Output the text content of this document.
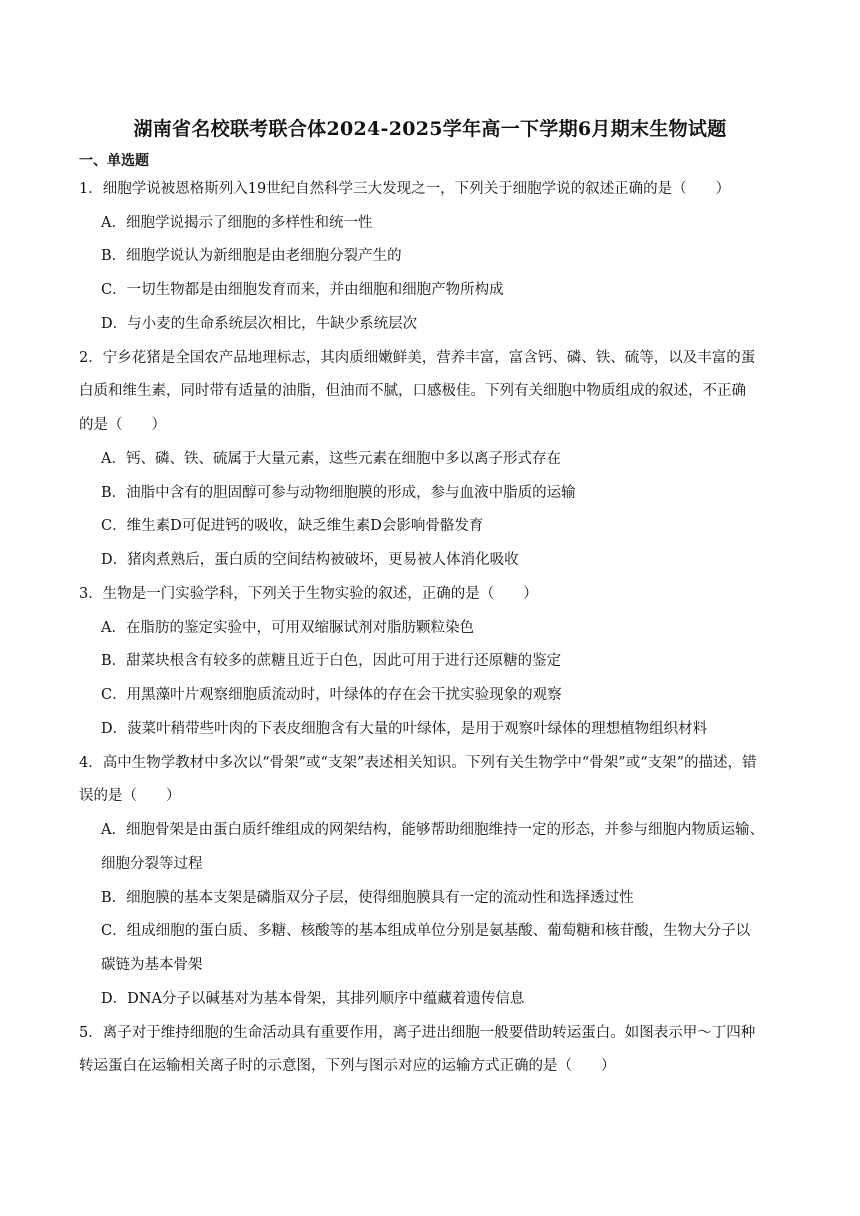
湖南省名校联考联合体2024-2025学年高一下学期6月期末生物试题
一、单选题
1．细胞学说被恩格斯列入19世纪自然科学三大发现之一，下列关于细胞学说的叙述正确的是（　　）
A．细胞学说揭示了细胞的多样性和统一性
B．细胞学说认为新细胞是由老细胞分裂产生的
C．一切生物都是由细胞发育而来，并由细胞和细胞产物所构成
D．与小麦的生命系统层次相比，牛缺少系统层次
2．宁乡花猪是全国农产品地理标志，其肉质细嫩鲜美，营养丰富，富含钙、磷、铁、硫等，以及丰富的蛋
白质和维生素，同时带有适量的油脂，但油而不腻，口感极佳。下列有关细胞中物质组成的叙述，不正确
的是（　　）
A．钙、磷、铁、硫属于大量元素，这些元素在细胞中多以离子形式存在
B．油脂中含有的胆固醇可参与动物细胞膜的形成，参与血液中脂质的运输
C．维生素D可促进钙的吸收，缺乏维生素D会影响骨骼发育
D．猪肉煮熟后，蛋白质的空间结构被破坏，更易被人体消化吸收
3．生物是一门实验学科，下列关于生物实验的叙述，正确的是（　　）
A．在脂肪的鉴定实验中，可用双缩脲试剂对脂肪颗粒染色
B．甜菜块根含有较多的蔗糖且近于白色，因此可用于进行还原糖的鉴定
C．用黑藻叶片观察细胞质流动时，叶绿体的存在会干扰实验现象的观察
D．菠菜叶稍带些叶肉的下表皮细胞含有大量的叶绿体，是用于观察叶绿体的理想植物组织材料
4．高中生物学教材中多次以“骨架”或“支架”表述相关知识。下列有关生物学中“骨架”或“支架”的描述，错
误的是（　　）
A．细胞骨架是由蛋白质纤维组成的网架结构，能够帮助细胞维持一定的形态，并参与细胞内物质运输、
细胞分裂等过程
B．细胞膜的基本支架是磷脂双分子层，使得细胞膜具有一定的流动性和选择透过性
C．组成细胞的蛋白质、多糖、核酸等的基本组成单位分别是氨基酸、葡萄糖和核苷酸，生物大分子以
碳链为基本骨架
D．DNA分子以碱基对为基本骨架，其排列顺序中蕴藏着遗传信息
5．离子对于维持细胞的生命活动具有重要作用，离子进出细胞一般要借助转运蛋白。如图表示甲～丁四种
转运蛋白在运输相关离子时的示意图，下列与图示对应的运输方式正确的是（　　）
